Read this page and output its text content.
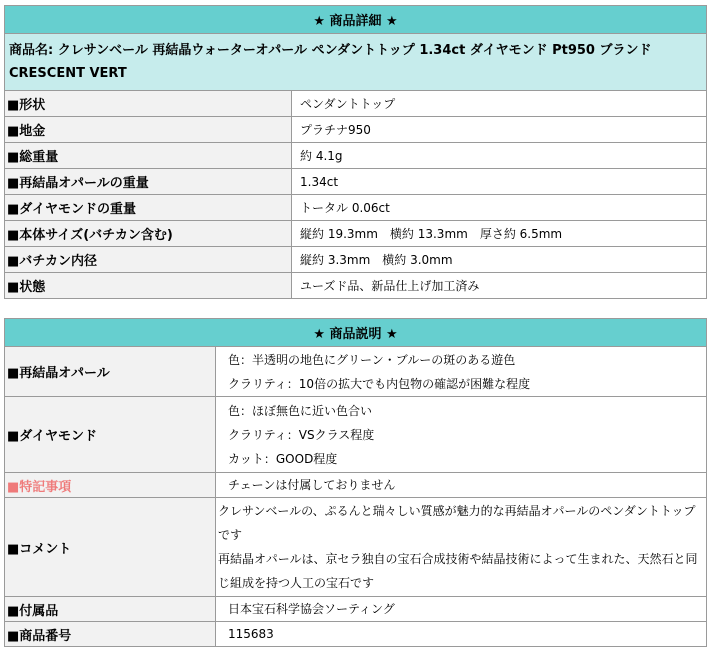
★ 商品詳細 ★	
商品名: クレサンベール 再結晶ウォーターオパール ペンダントトップ 1.34ct ダイヤモンド Pt950 ブランド CRESCENT VERT	
■形状	ペンダントトップ
■地金	プラチナ950
■総重量	約 4.1g
■再結晶オパールの重量	1.34ct
■ダイヤモンドの重量	トータル 0.06ct
■本体サイズ(バチカン含む)	縦約 19.3mm　横約 13.3mm　厚さ約 6.5mm
■バチカン内径	縦約 3.3mm　横約 3.0mm
■状態	ユーズド品、新品仕上げ加工済み
★ 商品説明 ★	
■再結晶オパール	色：半透明の地色にグリーン・ブルーの斑のある遊色
クラリティ：10倍の拡大でも内包物の確認が困難な程度

■ダイヤモンド	色：ほぼ無色に近い色合い
クラリティ：VSクラス程度
カット：GOOD程度

■特記事項	チェーンは付属しておりません

■コメント	クレサンベールの、ぷるんと瑞々しい質感が魅力的な再結晶オパールのペンダントトップです
再結晶オパールは、京セラ独自の宝石合成技術や結晶技術によって生まれた、天然石と同じ組成を持つ人工の宝石です

■付属品	日本宝石科学協会ソーティング

■商品番号	115683
